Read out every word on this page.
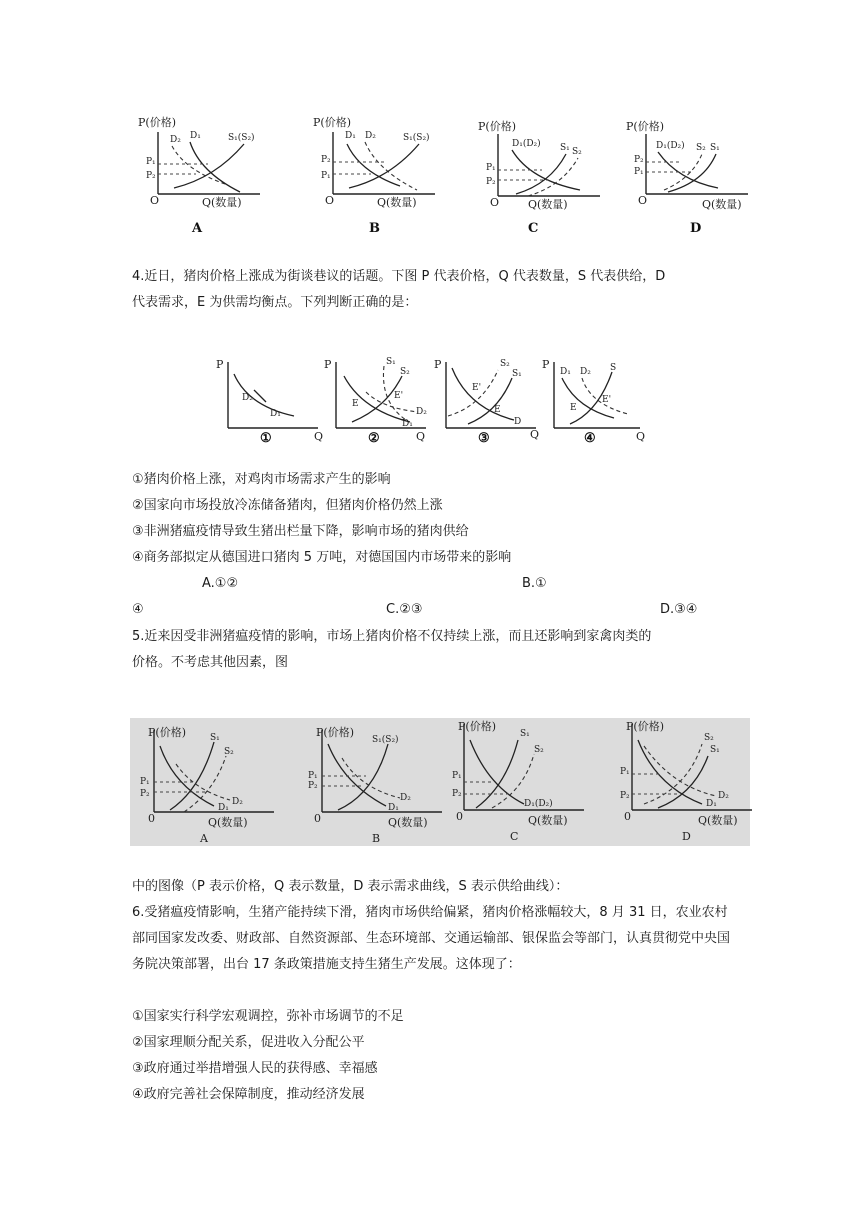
P(价格)
O	Q(数量)
D₂ D₁	S₁(S₂)
P₁
P₂
A
P(价格)
O	Q(数量)
D₁ D₂	S₁(S₂)
P₂
P₁
B
P(价格)
O	Q(数量)
D₁(D₂) S₁ S₂
P₁
P₂
C
P(价格)
O	Q(数量)
D₁(D₂) S₂ S₁
P₂
P₁
D
4.近日，猪肉价格上涨成为街谈巷议的话题。下图 P 代表价格，Q 代表数量，S 代表供给，D
代表需求，E 为供需均衡点。下列判断正确的是：
P
Q
D₂
D₁
①
P
Q
S₁
S₂
E
E'
D₂
D₁
②
P
Q
S₂
S₁
E'
E
D
③
P
Q
D₁ D₂ S
E
E'
④
①猪肉价格上涨，对鸡肉市场需求产生的影响
②国家向市场投放冷冻储备猪肉，但猪肉价格仍然上涨
③非洲猪瘟疫情导致生猪出栏量下降，影响市场的猪肉供给
④商务部拟定从德国进口猪肉 5 万吨，对德国国内市场带来的影响
A.①②	B.①
④	C.②③	D.③④
5.近来因受非洲猪瘟疫情的影响，市场上猪肉价格不仅持续上涨，而且还影响到家禽肉类的
价格。不考虑其他因素，图
P(价格)
0	Q(数量)
S₁
S₂
P₁
P₂
D₂
D₁
A
P(价格)
0	Q(数量)
S₁(S₂)
P₁
P₂
D₂
D₁
B
P(价格)
0	Q(数量)
S₁
S₂
P₁
P₂
D₁(D₂)
C
P(价格)
0	Q(数量)
S₂
S₁
P₁
P₂	D₂
D₁
D
中的图像（P 表示价格，Q 表示数量，D 表示需求曲线，S 表示供给曲线）：
6.受猪瘟疫情影响，生猪产能持续下滑，猪肉市场供给偏紧，猪肉价格涨幅较大，8 月 31 日，农业农村部同国家发改委、财政部、自然资源部、生态环境部、交通运输部、银保监会等部门，认真贯彻党中央国务院决策部署，出台 17 条政策措施支持生猪生产发展。这体现了：
①国家实行科学宏观调控，弥补市场调节的不足
②国家理顺分配关系，促进收入分配公平
③政府通过举措增强人民的获得感、幸福感
④政府完善社会保障制度，推动经济发展
